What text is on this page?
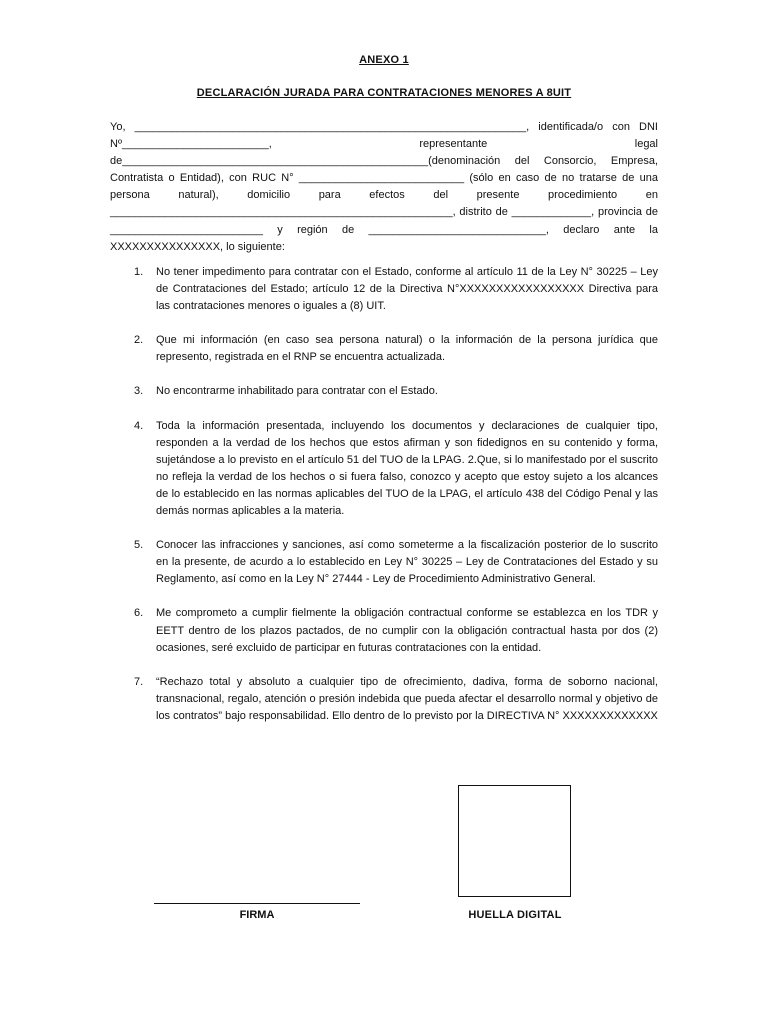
ANEXO 1
DECLARACIÓN JURADA PARA CONTRATACIONES MENORES A 8UIT

Yo, ________________________________________________________________, identificada/o con DNI Nº________________________, representante legal de__________________________________________________(denominación del Consorcio, Empresa, Contratista o Entidad), con RUC N° ___________________________ (sólo en caso de no tratarse de una persona natural), domicilio para efectos del presente procedimiento en ________________________________________________________, distrito de _____________, provincia de _________________________ y región de _____________________________, declaro ante la XXXXXXXXXXXXXXX, lo siguiente:

1. No tener impedimento para contratar con el Estado, conforme al artículo 11 de la Ley N° 30225 – Ley de Contrataciones del Estado; artículo 12 de la Directiva N°XXXXXXXXXXXXXXXXX Directiva para las contrataciones menores o iguales a (8) UIT.
2. Que mi información (en caso sea persona natural) o la información de la persona jurídica que represento, registrada en el RNP se encuentra actualizada.
3. No encontrarme inhabilitado para contratar con el Estado.
4. Toda la información presentada, incluyendo los documentos y declaraciones de cualquier tipo, responden a la verdad de los hechos que estos afirman y son fidedignos en su contenido y forma, sujetándose a lo previsto en el artículo 51 del TUO de la LPAG. 2.Que, si lo manifestado por el suscrito no refleja la verdad de los hechos o si fuera falso, conozco y acepto que estoy sujeto a los alcances de lo establecido en las normas aplicables del TUO de la LPAG, el artículo 438 del Código Penal y las demás normas aplicables a la materia.
5. Conocer las infracciones y sanciones, así como someterme a la fiscalización posterior de lo suscrito en la presente, de acurdo a lo establecido en Ley N° 30225 – Ley de Contrataciones del Estado y su Reglamento, así como en la Ley N° 27444 - Ley de Procedimiento Administrativo General.
6. Me comprometo a cumplir fielmente la obligación contractual conforme se establezca en los TDR y EETT dentro de los plazos pactados, de no cumplir con la obligación contractual hasta por dos (2) ocasiones, seré excluido de participar en futuras contrataciones con la entidad.
7. “Rechazo total y absoluto a cualquier tipo de ofrecimiento, dadiva, forma de soborno nacional, transnacional, regalo, atención o presión indebida que pueda afectar el desarrollo normal y objetivo de los contratos” bajo responsabilidad. Ello dentro de lo previsto por la DIRECTIVA N° XXXXXXXXXXXXX
FIRMA	HUELLA DIGITAL
